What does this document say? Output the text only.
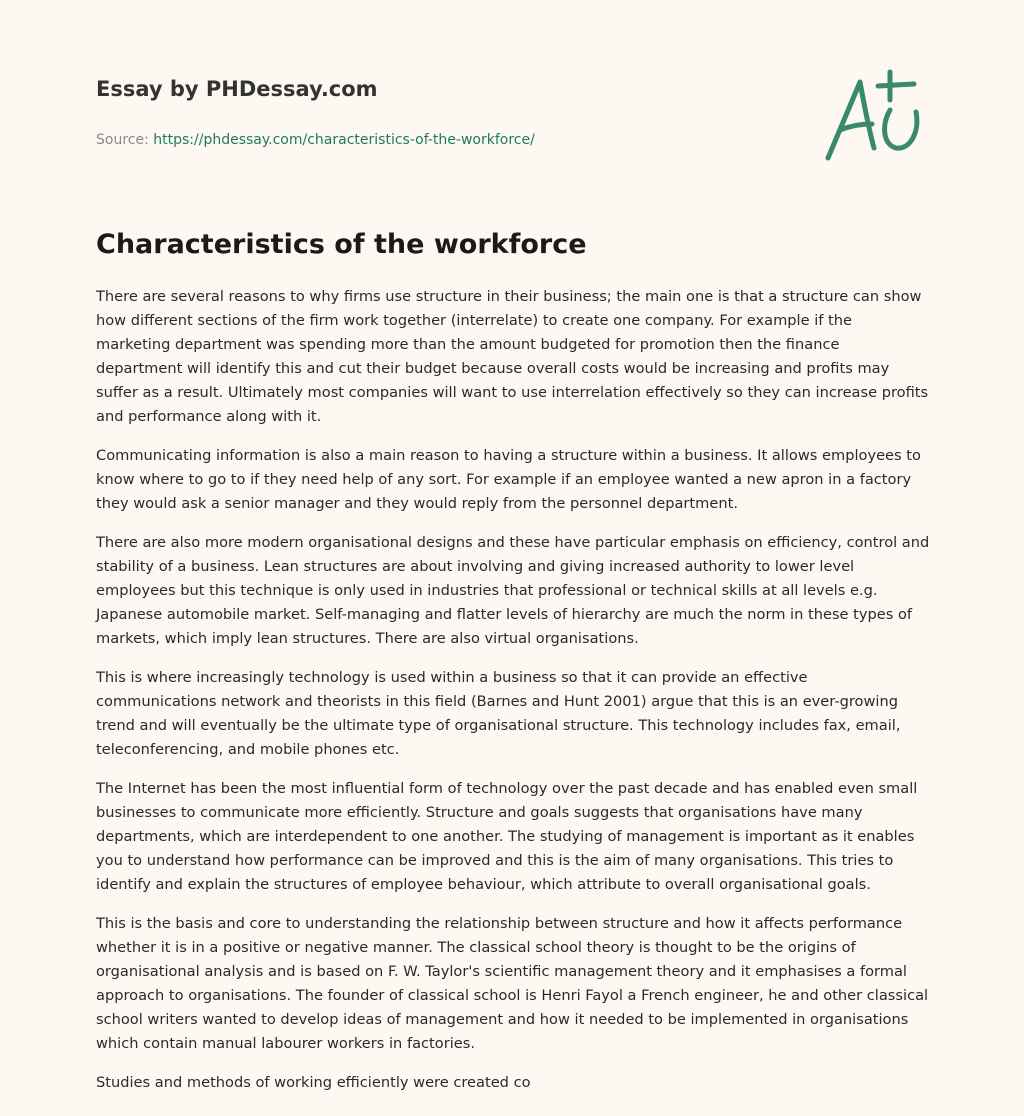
Essay by PHDessay.com
Source: https://phdessay.com/characteristics-of-the-workforce/
Characteristics of the workforce

There are several reasons to why firms use structure in their business; the main one is that a structure can show how different sections of the firm work together (interrelate) to create one company. For example if the marketing department was spending more than the amount budgeted for promotion then the finance department will identify this and cut their budget because overall costs would be increasing and profits may suffer as a result. Ultimately most companies will want to use interrelation effectively so they can increase profits and performance along with it.

Communicating information is also a main reason to having a structure within a business. It allows employees to know where to go to if they need help of any sort. For example if an employee wanted a new apron in a factory they would ask a senior manager and they would reply from the personnel department.

There are also more modern organisational designs and these have particular emphasis on efficiency, control and stability of a business. Lean structures are about involving and giving increased authority to lower level employees but this technique is only used in industries that professional or technical skills at all levels e.g. Japanese automobile market. Self-managing and flatter levels of hierarchy are much the norm in these types of markets, which imply lean structures. There are also virtual organisations.

This is where increasingly technology is used within a business so that it can provide an effective communications network and theorists in this field (Barnes and Hunt 2001) argue that this is an ever-growing trend and will eventually be the ultimate type of organisational structure. This technology includes fax, email, teleconferencing, and mobile phones etc.

The Internet has been the most influential form of technology over the past decade and has enabled even small businesses to communicate more efficiently. Structure and goals suggests that organisations have many departments, which are interdependent to one another. The studying of management is important as it enables you to understand how performance can be improved and this is the aim of many organisations. This tries to identify and explain the structures of employee behaviour, which attribute to overall organisational goals.

This is the basis and core to understanding the relationship between structure and how it affects performance whether it is in a positive or negative manner. The classical school theory is thought to be the origins of organisational analysis and is based on F. W. Taylor's scientific management theory and it emphasises a formal approach to organisations. The founder of classical school is Henri Fayol a French engineer, he and other classical school writers wanted to develop ideas of management and how it needed to be implemented in organisations which contain manual labourer workers in factories.

Studies and methods of working efficiently were created co
